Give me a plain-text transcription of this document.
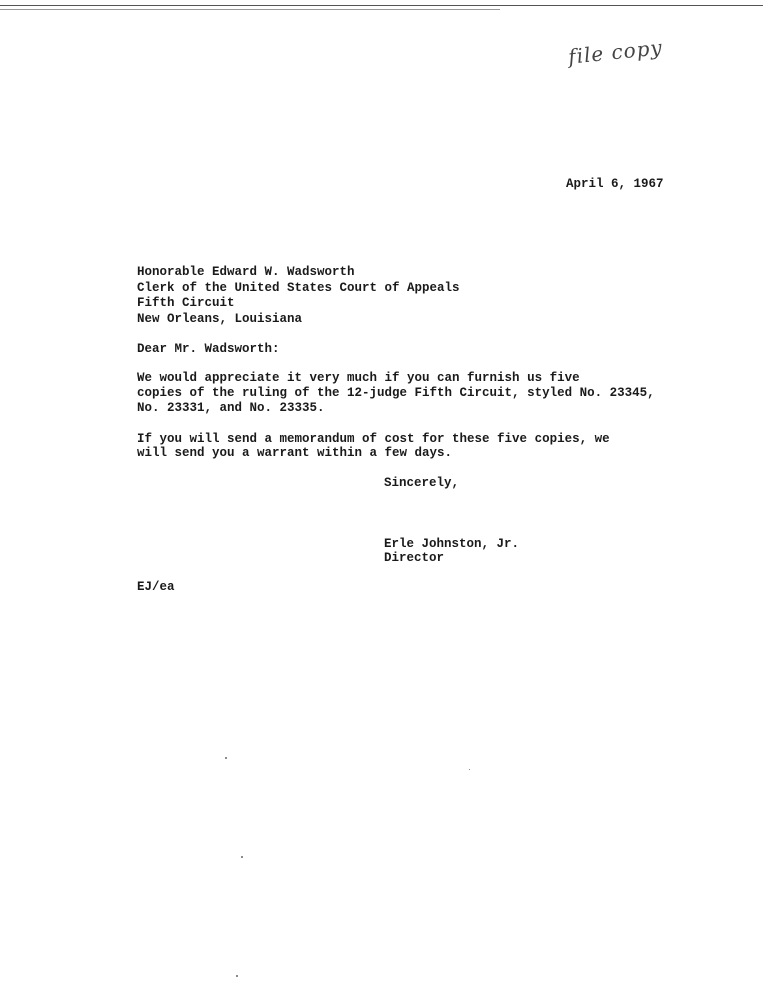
file copy
April 6, 1967
Honorable Edward W. Wadsworth
Clerk of the United States Court of Appeals
Fifth Circuit
New Orleans, Louisiana
Dear Mr. Wadsworth:
We would appreciate it very much if you can furnish us five
copies of the ruling of the 12-judge Fifth Circuit, styled No. 23345,
No. 23331, and No. 23335.
If you will send a memorandum of cost for these five copies, we
will send you a warrant within a few days.
Sincerely,
Erle Johnston, Jr.
Director
EJ/ea
